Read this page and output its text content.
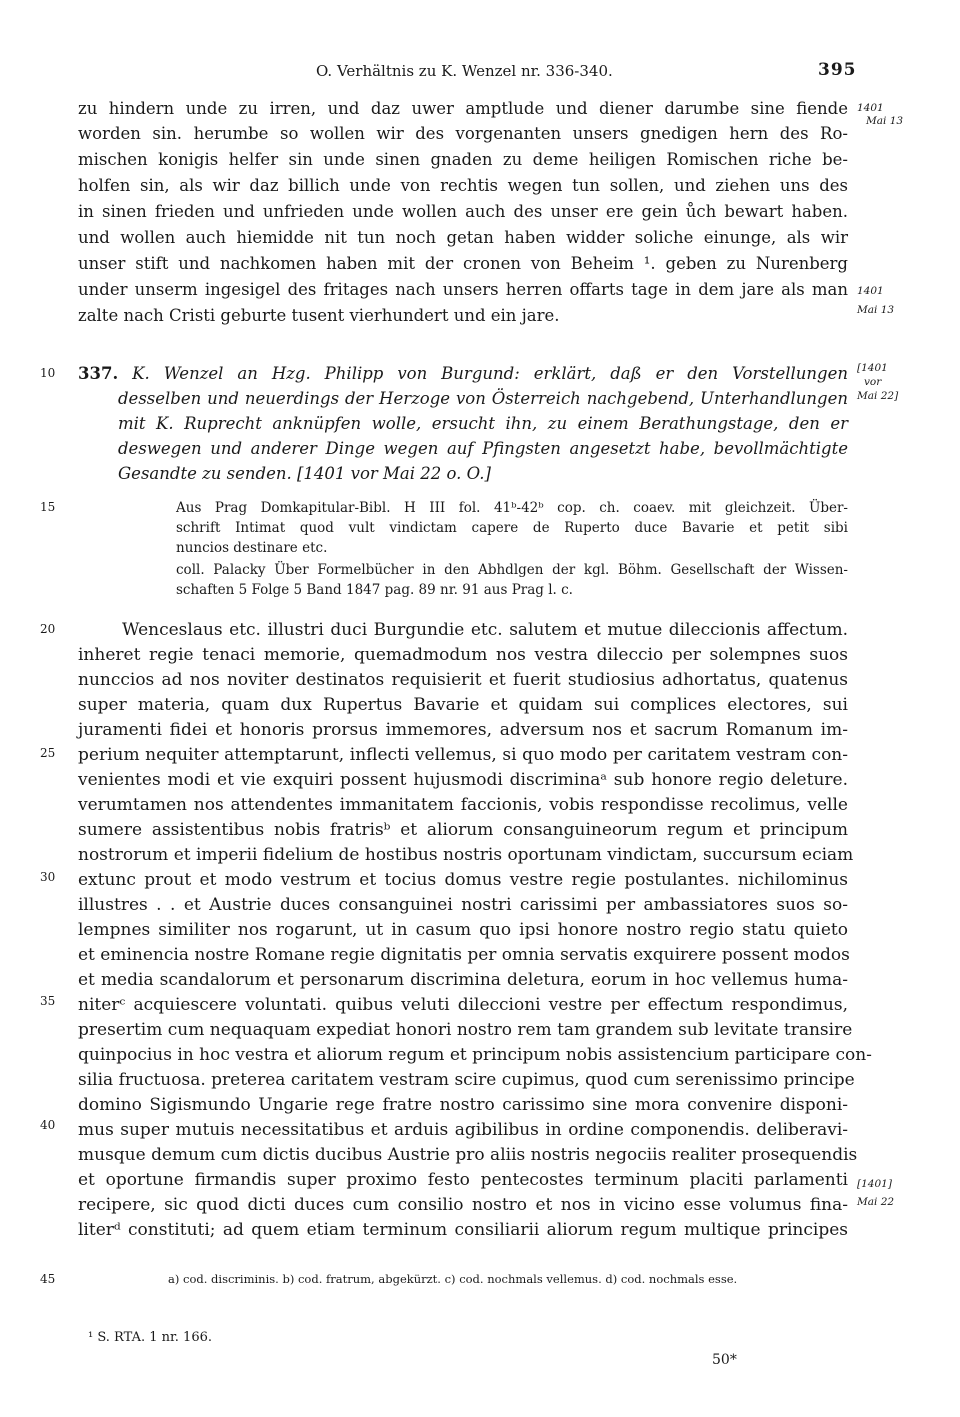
O. Verhältnis zu K. Wenzel nr. 336-340.	395
zu hindern unde zu irren, und daz uwer amptlude und diener darumbe sine fiende
worden sin. herumbe so wollen wir des vorgenanten unsers gnedigen hern des Ro-
mischen konigis helfer sin unde sinen gnaden zu deme heiligen Romischen riche be-
holfen sin, als wir daz billich unde von rechtis wegen tun sollen, und ziehen uns des
in sinen frieden und unfrieden unde wollen auch des unser ere gein ůch bewart haben.
und wollen auch hiemidde nit tun noch getan haben widder soliche einunge, als wir
unser stift und nachkomen haben mit der cronen von Beheim ¹. geben zu Nurenberg
under unserm ingesigel des fritages nach unsers herren offarts tage in dem jare als man
zalte nach Cristi geburte tusent vierhundert und ein jare.
1401
Mai 13
1401
Mai 13
[1401
vor
Mai 22]
[1401]
Mai 22
10
15
20
25
30
35
40
45
337. K. Wenzel an Hzg. Philipp von Burgund: erklärt, daß er den Vorstellungen
desselben und neuerdings der Herzoge von Österreich nachgebend, Unterhandlungen
mit K. Ruprecht anknüpfen wolle, ersucht ihn, zu einem Berathungstage, den er
deswegen und anderer Dinge wegen auf Pfingsten angesetzt habe, bevollmächtigte
Gesandte zu senden. [1401 vor Mai 22 o. O.]
Aus Prag Domkapitular-Bibl. H III fol. 41ᵇ-42ᵇ cop. ch. coaev. mit gleichzeit. Über-
schrift Intimat quod vult vindictam capere de Ruperto duce Bavarie et petit sibi
nuncios destinare etc.
coll. Palacky Über Formelbücher in den Abhdlgen der kgl. Böhm. Gesellschaft der Wissen-
schaften 5 Folge 5 Band 1847 pag. 89 nr. 91 aus Prag l. c.
Wenceslaus etc. illustri duci Burgundie etc. salutem et mutue dileccionis affectum.
inheret regie tenaci memorie, quemadmodum nos vestra dileccio per solempnes suos
nunccios ad nos noviter destinatos requisierit et fuerit studiosius adhortatus, quatenus
super materia, quam dux Rupertus Bavarie et quidam sui complices electores, sui
juramenti fidei et honoris prorsus immemores, adversum nos et sacrum Romanum im-
perium nequiter attemptarunt, inflecti vellemus, si quo modo per caritatem vestram con-
venientes modi et vie exquiri possent hujusmodi discriminaᵃ sub honore regio deleture.
verumtamen nos attendentes immanitatem faccionis, vobis respondisse recolimus, velle
sumere assistentibus nobis fratrisᵇ et aliorum consanguineorum regum et principum
nostrorum et imperii fidelium de hostibus nostris oportunam vindictam, succursum eciam
extunc prout et modo vestrum et tocius domus vestre regie postulantes. nichilominus
illustres . . et Austrie duces consanguinei nostri carissimi per ambassiatores suos so-
lempnes similiter nos rogarunt, ut in casum quo ipsi honore nostro regio statu quieto
et eminencia nostre Romane regie dignitatis per omnia servatis exquirere possent modos
et media scandalorum et personarum discrimina deletura, eorum in hoc vellemus huma-
niterᶜ acquiescere voluntati. quibus veluti dileccioni vestre per effectum respondimus,
presertim cum nequaquam expediat honori nostro rem tam grandem sub levitate transire
quinpocius in hoc vestra et aliorum regum et principum nobis assistencium participare con-
silia fructuosa. preterea caritatem vestram scire cupimus, quod cum serenissimo principe
domino Sigismundo Ungarie rege fratre nostro carissimo sine mora convenire disponi-
mus super mutuis necessitatibus et arduis agibilibus in ordine componendis. deliberavi-
musque demum cum dictis ducibus Austrie pro aliis nostris negociis realiter prosequendis
et oportune firmandis super proximo festo pentecostes terminum placiti parlamenti
recipere, sic quod dicti duces cum consilio nostro et nos in vicino esse volumus fina-
literᵈ constituti; ad quem etiam terminum consiliarii aliorum regum multique principes
a) cod. discriminis. b) cod. fratrum, abgekürzt. c) cod. nochmals vellemus. d) cod. nochmals esse.
¹ S. RTA. 1 nr. 166.
50*
